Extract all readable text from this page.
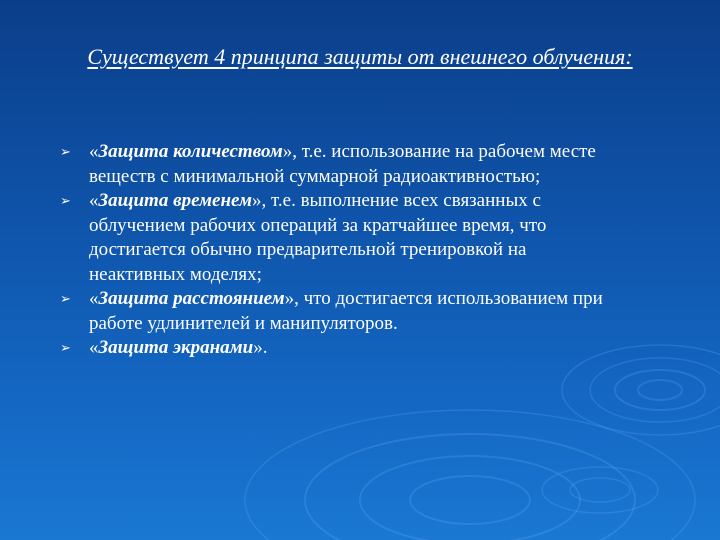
Существует 4 принципа защиты от внешнего облучения:
➢ «Защита количеством», т.е. использование на рабочем месте веществ с минимальной суммарной радиоактивностью;
➢ «Защита временем», т.е. выполнение всех связанных с облучением рабочих операций за кратчайшее время, что достигается обычно предварительной тренировкой на неактивных моделях;
➢ «Защита расстоянием», что достигается использованием при работе удлинителей и манипуляторов.
➢ «Защита экранами».
